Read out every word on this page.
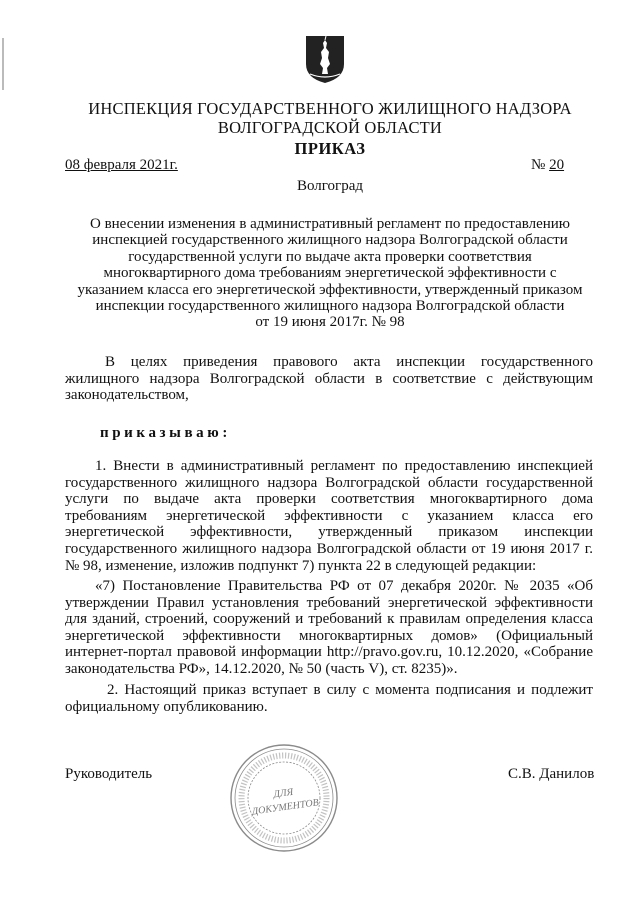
ИНСПЕКЦИЯ ГОСУДАРСТВЕННОГО ЖИЛИЩНОГО НАДЗОРА
ВОЛГОГРАДСКОЙ ОБЛАСТИ
ПРИКАЗ
08 февраля 2021г.	№ 20
Волгоград
О внесении изменения в административный регламент по предоставлению
инспекцией государственного жилищного надзора Волгоградской области
государственной услуги по выдаче акта проверки соответствия
многоквартирного дома требованиям энергетической эффективности с
указанием класса его энергетической эффективности, утвержденный приказом
инспекции государственного жилищного надзора Волгоградской области
от 19 июня 2017г. № 98
В целях приведения правового акта инспекции государственного
жилищного надзора Волгоградской области в соответствие с действующим
законодательством,
приказываю:
1. Внести в административный регламент по предоставлению инспекцией
государственного жилищного надзора Волгоградской области государственной
услуги по выдаче акта проверки соответствия многоквартирного дома
требованиям энергетической эффективности с указанием класса его
энергетической эффективности, утвержденный приказом инспекции
государственного жилищного надзора Волгоградской области от 19 июня 2017 г.
№ 98, изменение, изложив подпункт 7) пункта 22 в следующей редакции:
«7) Постановление Правительства РФ от 07 декабря 2020г. № 2035 «Об
утверждении Правил установления требований энергетической эффективности
для зданий, строений, сооружений и требований к правилам определения класса
энергетической эффективности многоквартирных домов» (Официальный
интернет-портал правовой информации http://pravo.gov.ru, 10.12.2020, «Собрание
законодательства РФ», 14.12.2020, № 50 (часть V), ст. 8235)».
2. Настоящий приказ вступает в силу с момента подписания и подлежит
официальному опубликованию.
Руководитель
ДЛЯ
ДОКУМЕНТОВ
С.В. Данилов
